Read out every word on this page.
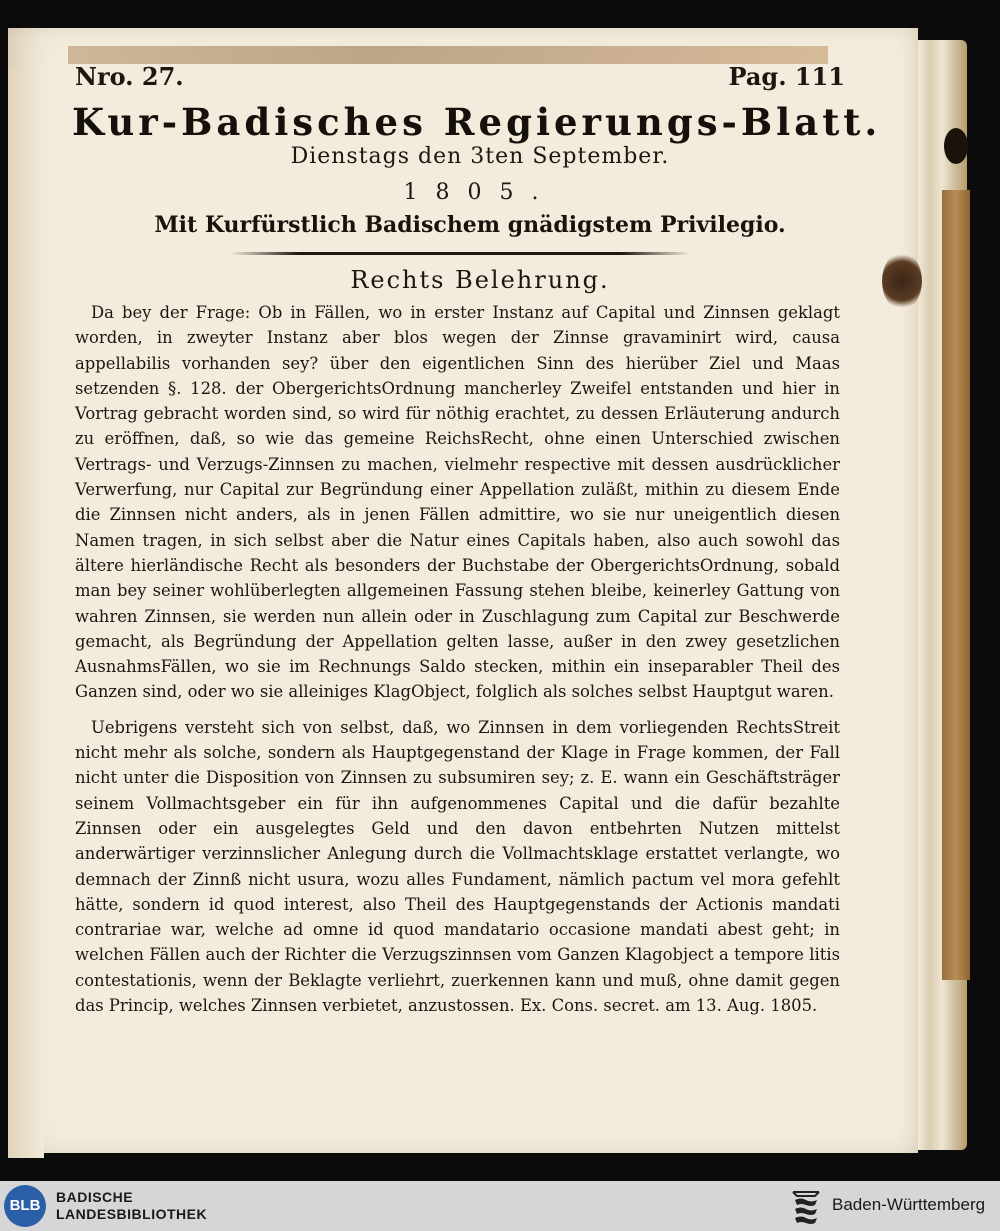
Nro. 27.	Pag. 111
Kur-Badisches Regierungs-Blatt.
Dienstags den 3ten September.
1805.
Mit Kurfürstlich Badischem gnädigstem Privilegio.
Rechts Belehrung.

Da bey der Frage: Ob in Fällen, wo in erster Instanz auf Capital und Zinnsen geklagt worden, in zweyter Instanz aber blos wegen der Zinnse gravaminirt wird, causa appellabilis vorhanden sey? über den eigentlichen Sinn des hierüber Ziel und Maas setzenden §. 128. der ObergerichtsOrdnung mancherley Zweifel entstanden und hier in Vortrag gebracht worden sind, so wird für nöthig erachtet, zu dessen Erläuterung andurch zu eröffnen, daß, so wie das gemeine ReichsRecht, ohne einen Unterschied zwischen Vertrags- und Verzugs-Zinnsen zu machen, vielmehr respective mit dessen ausdrücklicher Verwerfung, nur Capital zur Begründung einer Appellation zuläßt, mithin zu diesem Ende die Zinnsen nicht anders, als in jenen Fällen admittire, wo sie nur uneigentlich diesen Namen tragen, in sich selbst aber die Natur eines Capitals haben, also auch sowohl das ältere hierländische Recht als besonders der Buchstabe der ObergerichtsOrdnung, sobald man bey seiner wohlüberlegten allgemeinen Fassung stehen bleibe, keinerley Gattung von wahren Zinnsen, sie werden nun allein oder in Zuschlagung zum Capital zur Beschwerde gemacht, als Begründung der Appellation gelten lasse, außer in den zwey gesetzlichen AusnahmsFällen, wo sie im Rechnungs Saldo stecken, mithin ein inseparabler Theil des Ganzen sind, oder wo sie alleiniges KlagObject, folglich als solches selbst Hauptgut waren.

Uebrigens versteht sich von selbst, daß, wo Zinnsen in dem vorliegenden RechtsStreit nicht mehr als solche, sondern als Hauptgegenstand der Klage in Frage kommen, der Fall nicht unter die Disposition von Zinnsen zu subsumiren sey; z. E. wann ein Geschäftsträger seinem Vollmachtsgeber ein für ihn aufgenommenes Capital und die dafür bezahlte Zinnsen oder ein ausgelegtes Geld und den davon entbehrten Nutzen mittelst anderwärtiger verzinnslicher Anlegung durch die Vollmachtsklage erstattet verlangte, wo demnach der Zinnß nicht usura, wozu alles Fundament, nämlich pactum vel mora gefehlt hätte, sondern id quod interest, also Theil des Hauptgegenstands der Actionis mandati contrariae war, welche ad omne id quod mandatario occasione mandati abest geht; in welchen Fällen auch der Richter die Verzugszinnsen vom Ganzen Klagobject a tempore litis contestationis, wenn der Beklagte verliehrt, zuerkennen kann und muß, ohne damit gegen das Princip, welches Zinnsen verbietet, anzustossen. Ex. Cons. secret. am 13. Aug. 1805.

BLB	BADISCHE
LANDESBIBLIOTHEK	Baden-Württemberg
